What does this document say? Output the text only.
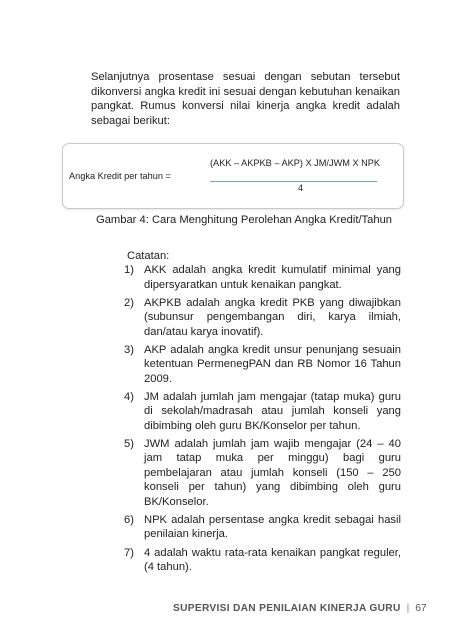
Selanjutnya prosentase sesuai dengan sebutan tersebut dikonversi angka kredit ini sesuai dengan kebutuhan kenaikan pangkat. Rumus konversi nilai kinerja angka kredit adalah sebagai berikut:

(AKK – AKPKB – AKP) X JM/JWM X NPK
Angka Kredit per tahun =
4

Gambar 4: Cara Menghitung Perolehan Angka Kredit/Tahun

Catatan:

1) AKK adalah angka kredit kumulatif minimal yang dipersyaratkan untuk kenaikan pangkat.
2) AKPKB adalah angka kredit PKB yang diwajibkan (subunsur pengembangan diri, karya ilmiah, dan/atau karya inovatif).
3) AKP adalah angka kredit unsur penunjang sesuain ketentuan PermenegPAN dan RB Nomor 16 Tahun 2009.
4) JM adalah jumlah jam mengajar (tatap muka) guru di sekolah/madrasah atau jumlah konseli yang dibimbing oleh guru BK/Konselor per tahun.
5) JWM adalah jumlah jam wajib mengajar (24 – 40 jam tatap muka per minggu) bagi guru pembelajaran atau jumlah konseli (150 – 250 konseli per tahun) yang dibimbing oleh guru BK/Konselor.
6) NPK adalah persentase angka kredit sebagai hasil penilaian kinerja.
7) 4 adalah waktu rata-rata kenaikan pangkat reguler, (4 tahun).
SUPERVISI DAN PENILAIAN KINERJA GURU | 67
